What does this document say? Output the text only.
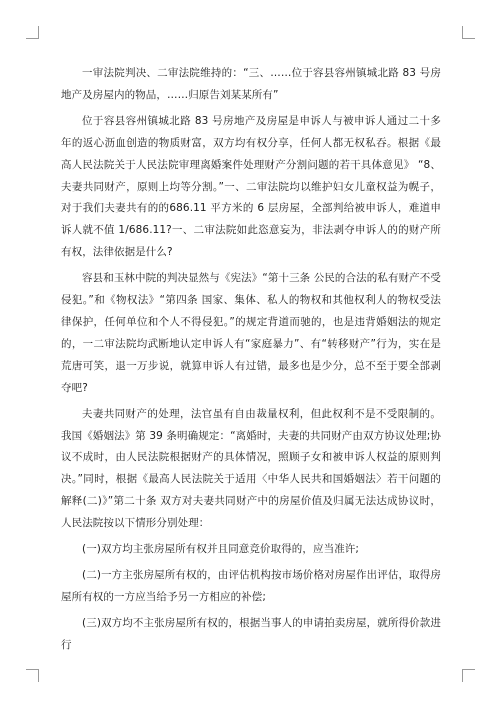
一审法院判决、二审法院维持的：“三、……位于容县容州镇城北路 83 号房地产及房屋内的物品，……归原告刘某某所有”

位于容县容州镇城北路 83 号房地产及房屋是申诉人与被申诉人通过二十多年的返心沥血创造的物质财富，双方均有权分享，任何人都无权私吞。根据《最高人民法院关于人民法院审理离婚案件处理财产分割问题的若干具体意见》 “8、夫妻共同财产，原则上均等分割。”一、二审法院均以维护妇女儿童权益为幌子，对于我们夫妻共有的的686.11 平方米的 6 层房屋，全部判给被申诉人，难道申诉人就不值 1/686.11?一、二审法院如此恣意妄为，非法剥夺申诉人的的财产所有权，法律依据是什么?

容县和玉林中院的判决显然与《宪法》“第十三条 公民的合法的私有财产不受侵犯。”和《物权法》“第四条 国家、集体、私人的物权和其他权利人的物权受法律保护，任何单位和个人不得侵犯。”的规定背道而驰的，也是违背婚姻法的规定的，一二审法院均武断地认定申诉人有“家庭暴力”、有“转移财产”行为，实在是荒唐可笑，退一万步说，就算申诉人有过错，最多也是少分，总不至于要全部剥夺吧?

夫妻共同财产的处理，法官虽有自由裁量权利，但此权利不是不受限制的。我国《婚姻法》第 39 条明确规定：“离婚时，夫妻的共同财产由双方协议处理;协议不成时，由人民法院根据财产的具体情况，照顾子女和被申诉人权益的原则判决。”同时，根据《最高人民法院关于适用〈中华人民共和国婚姻法〉若干问题的解释(二)》”第二十条 双方对夫妻共同财产中的房屋价值及归属无法达成协议时，人民法院按以下情形分别处理：

(一)双方均主张房屋所有权并且同意竞价取得的，应当准许;

(二)一方主张房屋所有权的，由评估机构按市场价格对房屋作出评估，取得房屋所有权的一方应当给予另一方相应的补偿;

(三)双方均不主张房屋所有权的，根据当事人的申请拍卖房屋，就所得价款进行
